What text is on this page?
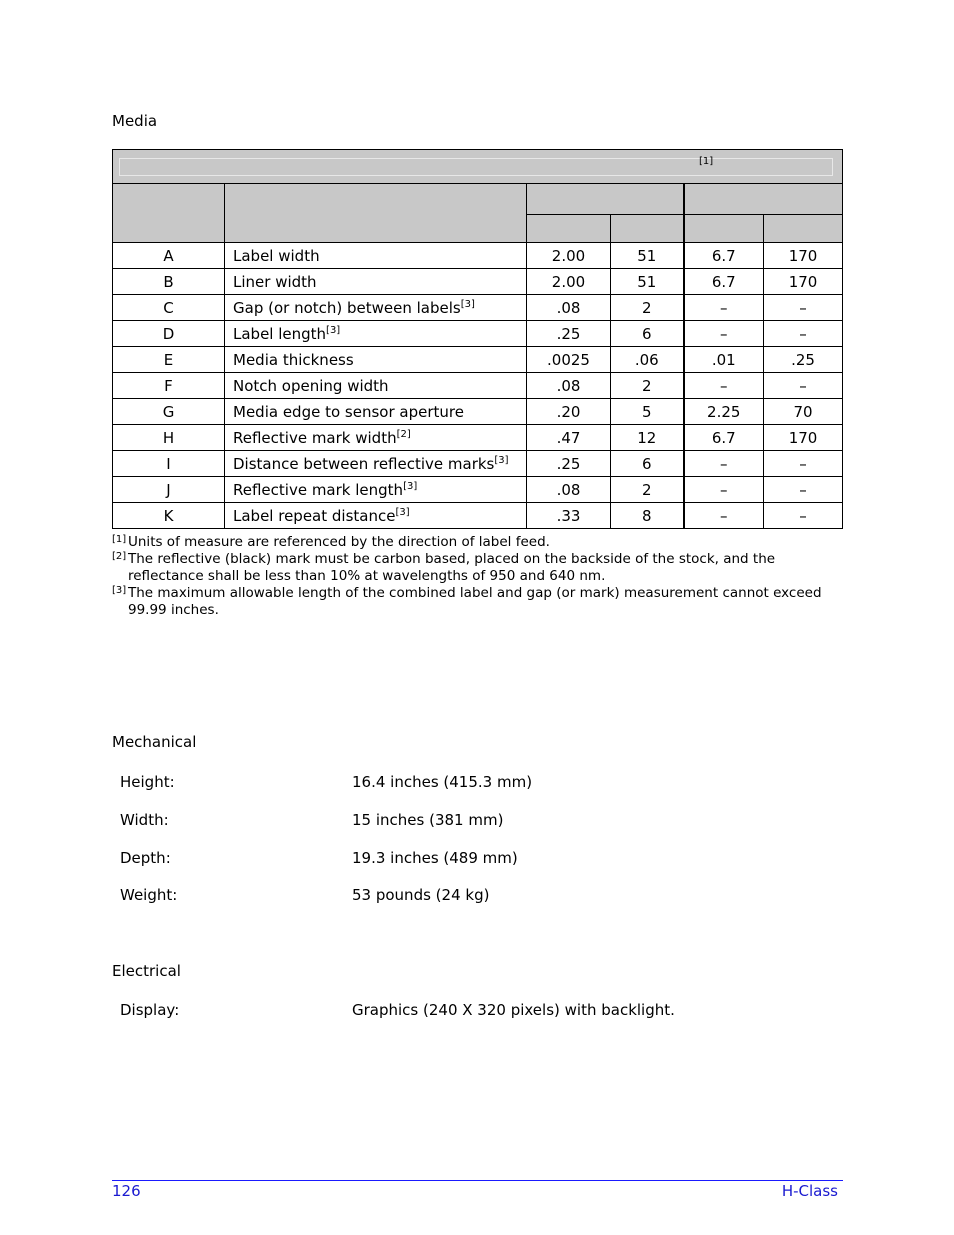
Media
[1]					

A	Label width	2.00	51	6.7	170
B	Liner width	2.00	51	6.7	170
C	Gap (or notch) between labels[3]	.08	2	–	–
D	Label length[3]	.25	6	–	–
E	Media thickness	.0025	.06	.01	.25
F	Notch opening width	.08	2	–	–
G	Media edge to sensor aperture	.20	5	2.25	70
H	Reflective mark width[2]	.47	12	6.7	170
I	Distance between reflective marks[3]	.25	6	–	–
J	Reflective mark length[3]	.08	2	–	–
K	Label repeat distance[3]	.33	8	–	–
[1] Units of measure are referenced by the direction of label feed.
[2] The reflective (black) mark must be carbon based, placed on the backside of the stock, and the reflectance shall be less than 10% at wavelengths of 950 and 640 nm.
[3] The maximum allowable length of the combined label and gap (or mark) measurement cannot exceed 99.99 inches.
Mechanical
Height:	16.4 inches (415.3 mm)
Width:	15 inches (381 mm)
Depth:	19.3 inches (489 mm)
Weight:	53 pounds (24 kg)
Electrical
Display:	Graphics (240 X 320 pixels) with backlight.
126	H-Class
